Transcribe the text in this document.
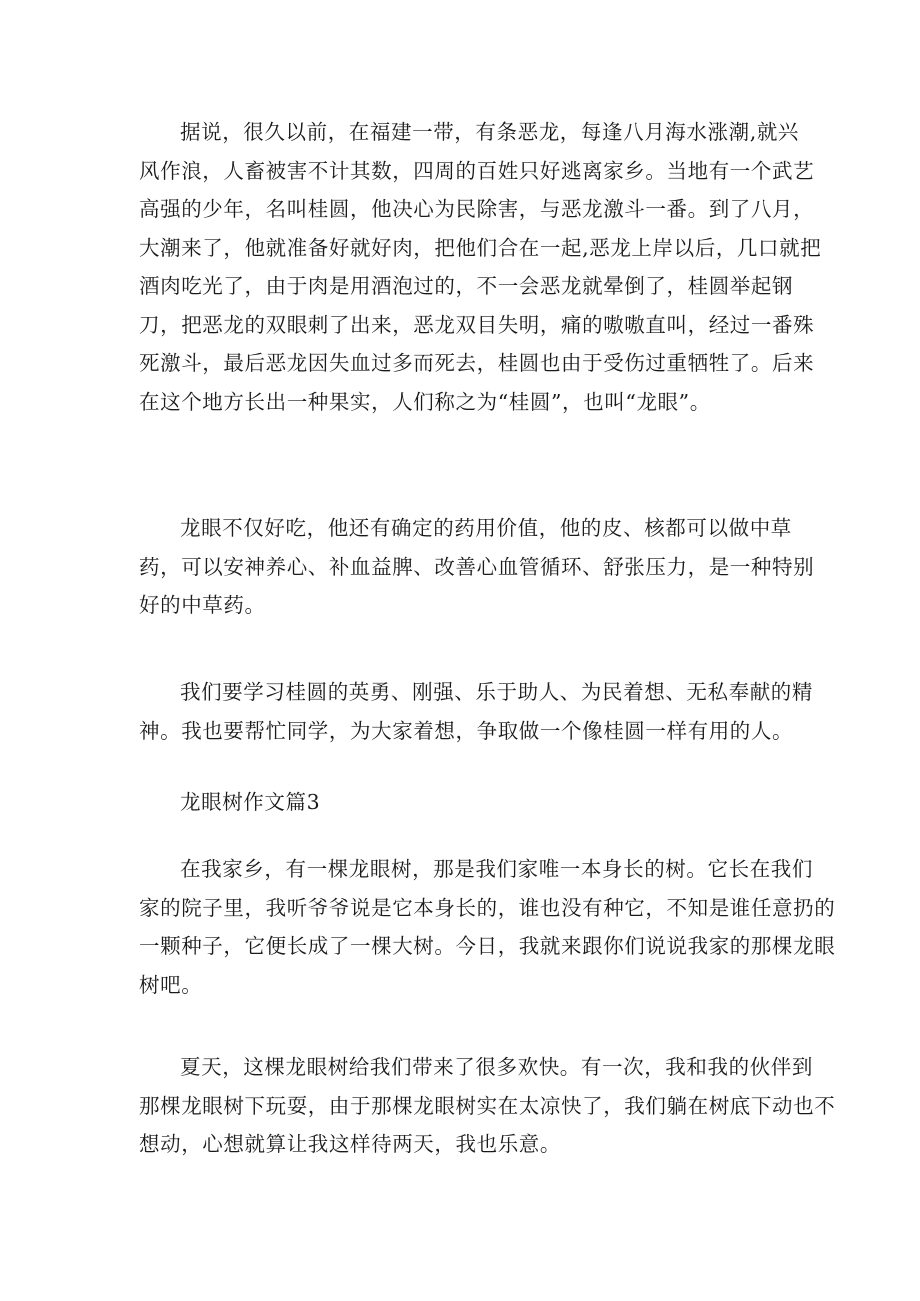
据说，很久以前，在福建一带，有条恶龙，每逢八月海水涨潮,就兴
风作浪，人畜被害不计其数，四周的百姓只好逃离家乡。当地有一个武艺
高强的少年，名叫桂圆，他决心为民除害，与恶龙激斗一番。到了八月，
大潮来了，他就准备好就好肉，把他们合在一起,恶龙上岸以后，几口就把
酒肉吃光了，由于肉是用酒泡过的，不一会恶龙就晕倒了，桂圆举起钢
刀，把恶龙的双眼刺了出来，恶龙双目失明，痛的嗷嗷直叫，经过一番殊
死激斗，最后恶龙因失血过多而死去，桂圆也由于受伤过重牺牲了。后来
在这个地方长出一种果实，人们称之为“桂圆”，也叫“龙眼”。
龙眼不仅好吃，他还有确定的药用价值，他的皮、核都可以做中草
药，可以安神养心、补血益脾、改善心血管循环、舒张压力，是一种特别
好的中草药。
我们要学习桂圆的英勇、刚强、乐于助人、为民着想、无私奉献的精
神。我也要帮忙同学，为大家着想，争取做一个像桂圆一样有用的人。
龙眼树作文篇3
在我家乡，有一棵龙眼树，那是我们家唯一本身长的树。它长在我们
家的院子里，我听爷爷说是它本身长的，谁也没有种它，不知是谁任意扔的
一颗种子，它便长成了一棵大树。今日，我就来跟你们说说我家的那棵龙眼
树吧。
夏天，这棵龙眼树给我们带来了很多欢快。有一次，我和我的伙伴到
那棵龙眼树下玩耍，由于那棵龙眼树实在太凉快了，我们躺在树底下动也不
想动，心想就算让我这样待两天，我也乐意。
